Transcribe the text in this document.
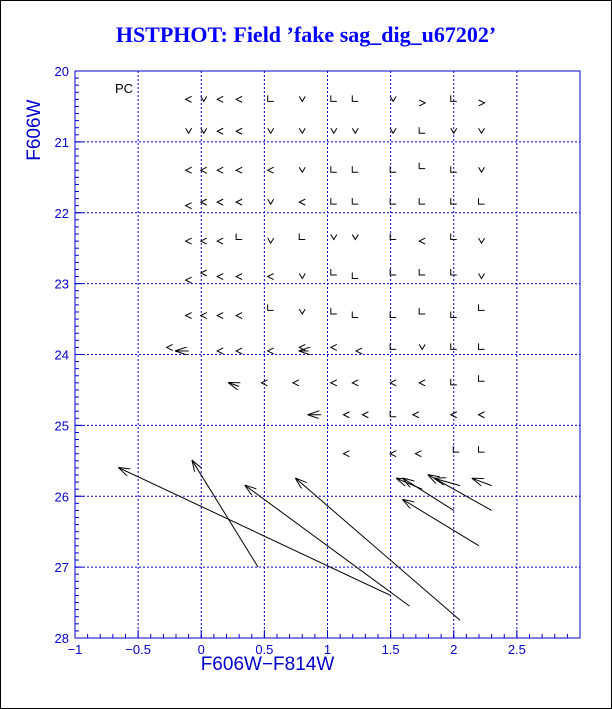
HSTPHOT: Field ’fake sag_dig_u67202’
−1	−0.5	0	0.5	1	1.5	2	2.5
20
21
22
23
24
25
26
27
28
F606W−F814W
F606W
PC
